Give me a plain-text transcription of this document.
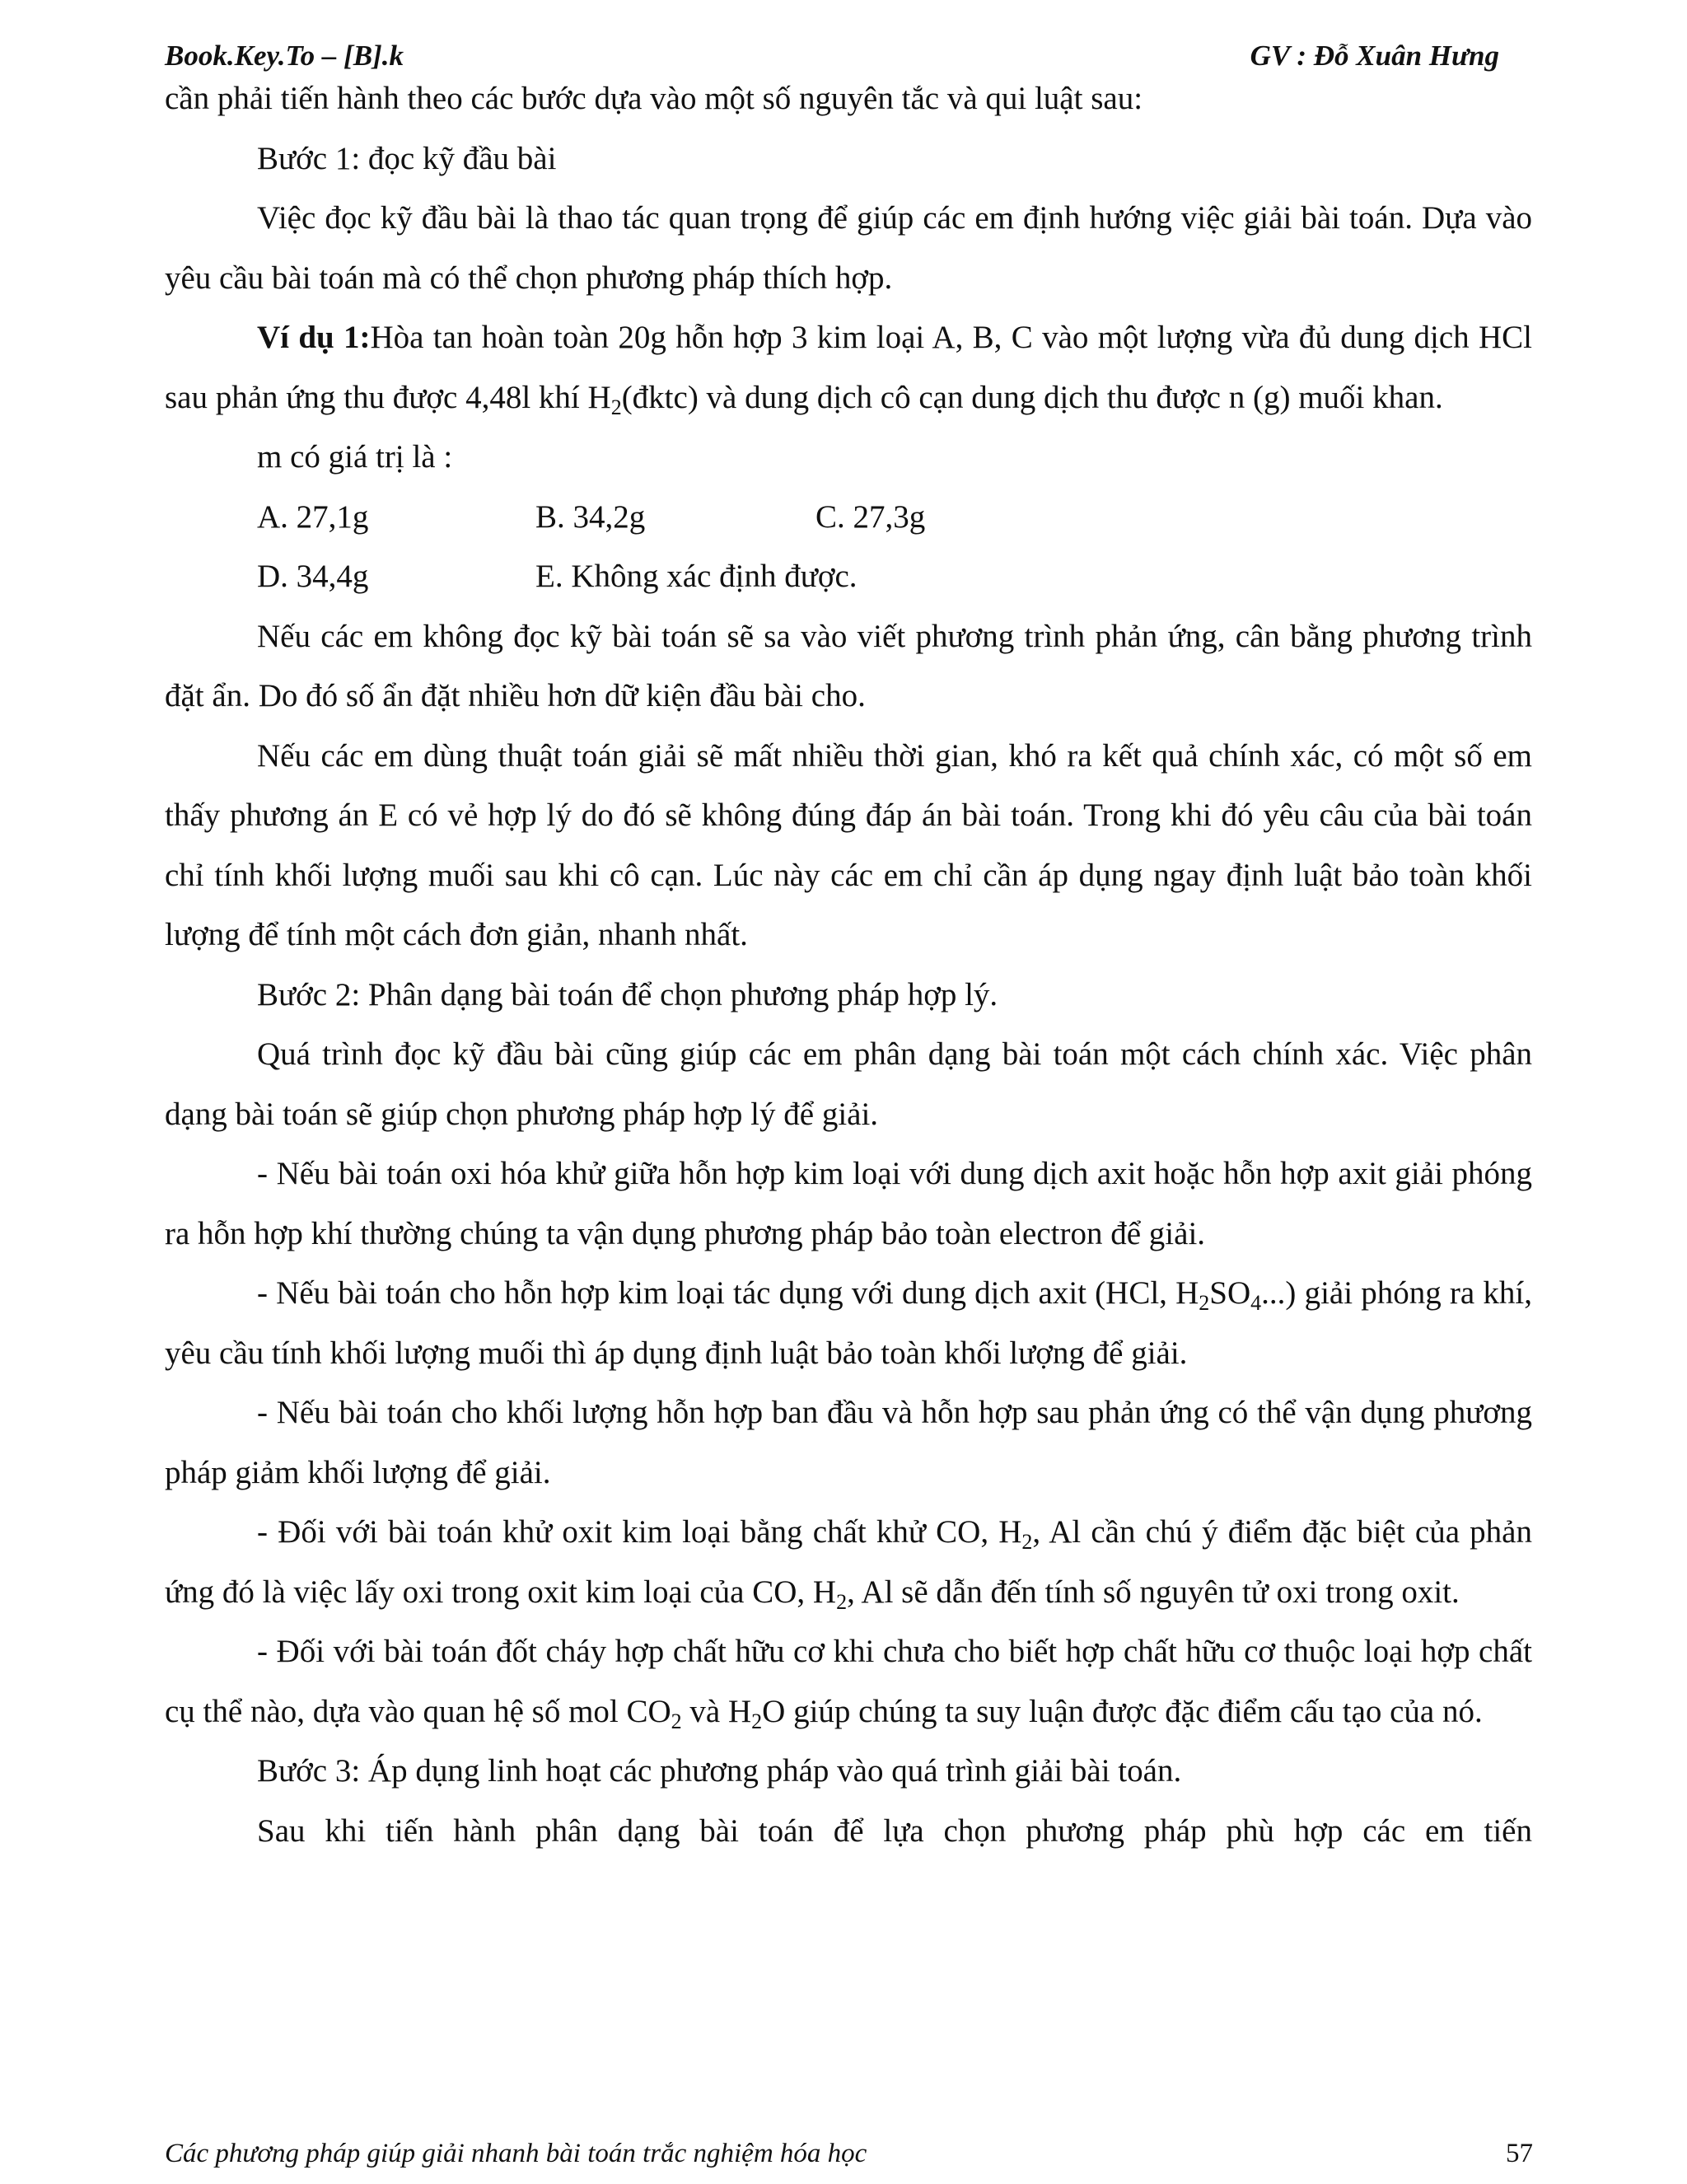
Book.Key.To – [B].k	GV : Đỗ Xuân Hưng
cần phải tiến hành theo các bước dựa vào một số nguyên tắc và qui luật sau:
Bước 1: đọc kỹ đầu bài
Việc đọc kỹ đầu bài là thao tác quan trọng để giúp các em định hướng việc giải bài toán. Dựa vào yêu cầu bài toán mà có thể chọn phương pháp thích hợp.
Ví dụ 1:Hòa tan hoàn toàn 20g hỗn hợp 3 kim loại A, B, C vào một lượng vừa đủ dung dịch HCl sau phản ứng thu được 4,48l khí $H_2(đktc)$ và dung dịch cô cạn dung dịch thu được n (g) muối khan.
m có giá trị là :
A. 27,1g	B. 34,2g	C. 27,3g
D. 34,4g	E. Không xác định được.
Nếu các em không đọc kỹ bài toán sẽ sa vào viết phương trình phản ứng, cân bằng phương trình đặt ẩn. Do đó số ẩn đặt nhiều hơn dữ kiện đầu bài cho.
Nếu các em dùng thuật toán giải sẽ mất nhiều thời gian, khó ra kết quả chính xác, có một số em thấy phương án E có vẻ hợp lý do đó sẽ không đúng đáp án bài toán. Trong khi đó yêu câu của bài toán chỉ tính khối lượng muối sau khi cô cạn. Lúc này các em chỉ cần áp dụng ngay định luật bảo toàn khối lượng để tính một cách đơn giản, nhanh nhất.
Bước 2: Phân dạng bài toán để chọn phương pháp hợp lý.
Quá trình đọc kỹ đầu bài cũng giúp các em phân dạng bài toán một cách chính xác. Việc phân dạng bài toán sẽ giúp chọn phương pháp hợp lý để giải.
- Nếu bài toán oxi hóa khử giữa hỗn hợp kim loại với dung dịch axit hoặc hỗn hợp axit giải phóng ra hỗn hợp khí thường chúng ta vận dụng phương pháp bảo toàn electron để giải.
- Nếu bài toán cho hỗn hợp kim loại tác dụng với dung dịch axit (HCl, $H_2SO_4$...) giải phóng ra khí, yêu cầu tính khối lượng muối thì áp dụng định luật bảo toàn khối lượng để giải.
- Nếu bài toán cho khối lượng hỗn hợp ban đầu và hỗn hợp sau phản ứng có thể vận dụng phương pháp giảm khối lượng để giải.
- Đối với bài toán khử oxit kim loại bằng chất khử CO, $H_2$, Al cần chú ý điểm đặc biệt của phản ứng đó là việc lấy oxi trong oxit kim loại của CO, $H_2$, Al sẽ dẫn đến tính số nguyên tử oxi trong oxit.
- Đối với bài toán đốt cháy hợp chất hữu cơ khi chưa cho biết hợp chất hữu cơ thuộc loại hợp chất cụ thể nào, dựa vào quan hệ số mol $CO_2$ và $H_2O$ giúp chúng ta suy luận được đặc điểm cấu tạo của nó.
Bước 3: Áp dụng linh hoạt các phương pháp vào quá trình giải bài toán.
Sau khi tiến hành phân dạng bài toán để lựa chọn phương pháp phù hợp các em tiến
Các phương pháp giúp giải nhanh bài toán trắc nghiệm hóa học	57
